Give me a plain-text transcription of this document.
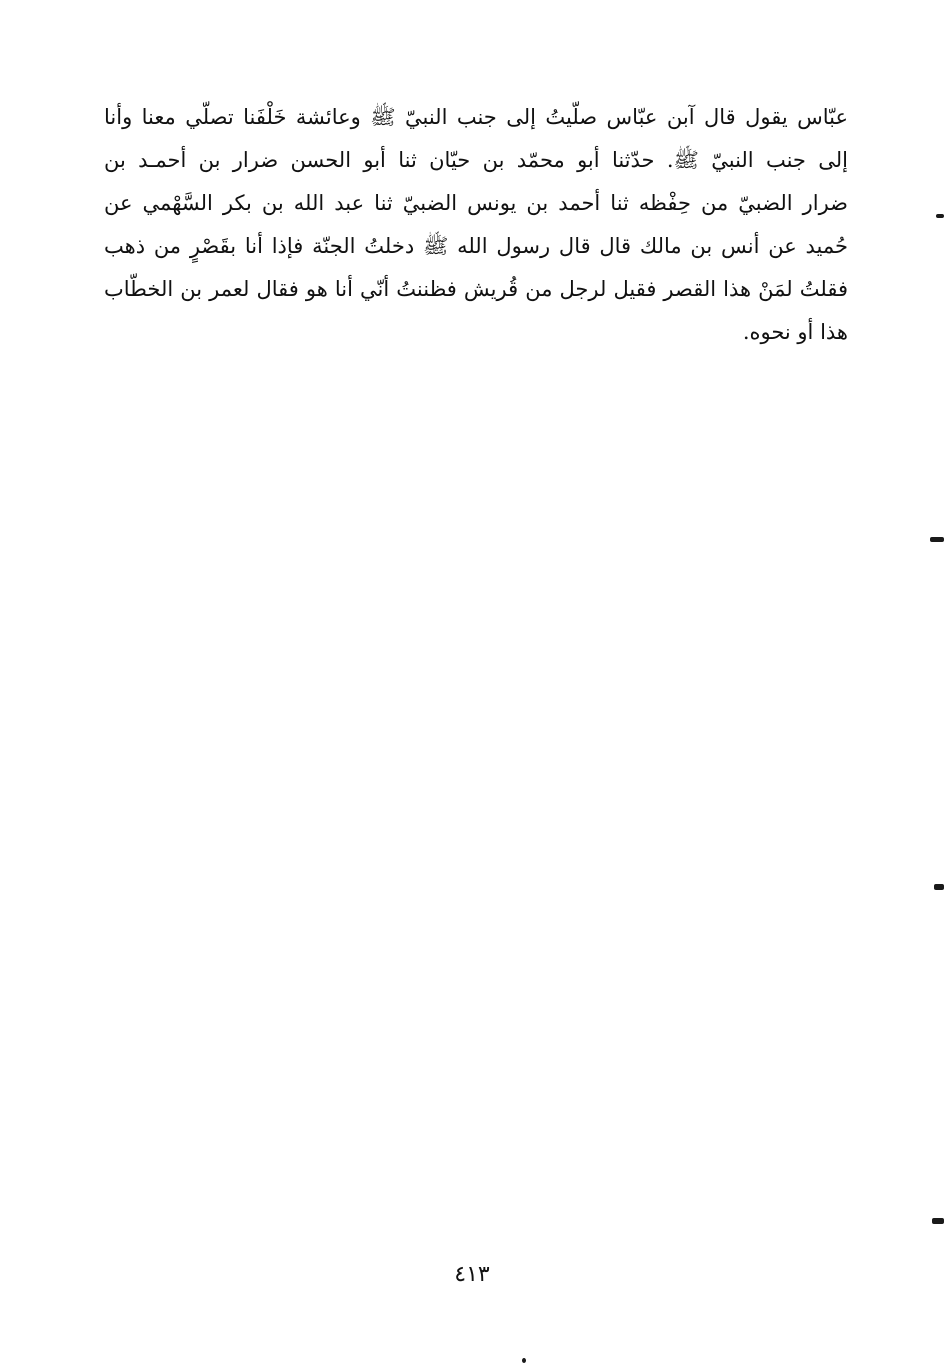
عبّاس يقول قال آبن عبّاس صلّيتُ إلى جنب النبيّ ﷺ وعائشة خَلْفَنا تصلّي معنا وأنا
إلى جنب النبيّ ﷺ. حدّثنا أبو محمّد بن حيّان ثنا أبو الحسن ضرار بن أحمـد بن
ضرار الضبيّ من حِفْظه ثنا أحمد بن يونس الضبيّ ثنا عبد الله بن بكر السَّهْمي عن
حُميد عن أنس بن مالك قال قال رسول الله ﷺ دخلتُ الجنّة فإذا أنا بقَصْرٍ من ذهب
فقلتُ لمَنْ هذا القصر فقيل لرجل من قُريش فظننتُ أنّي أنا هو فقال لعمر بن الخطّاب
هذا أو نحوه.
٤١٣
